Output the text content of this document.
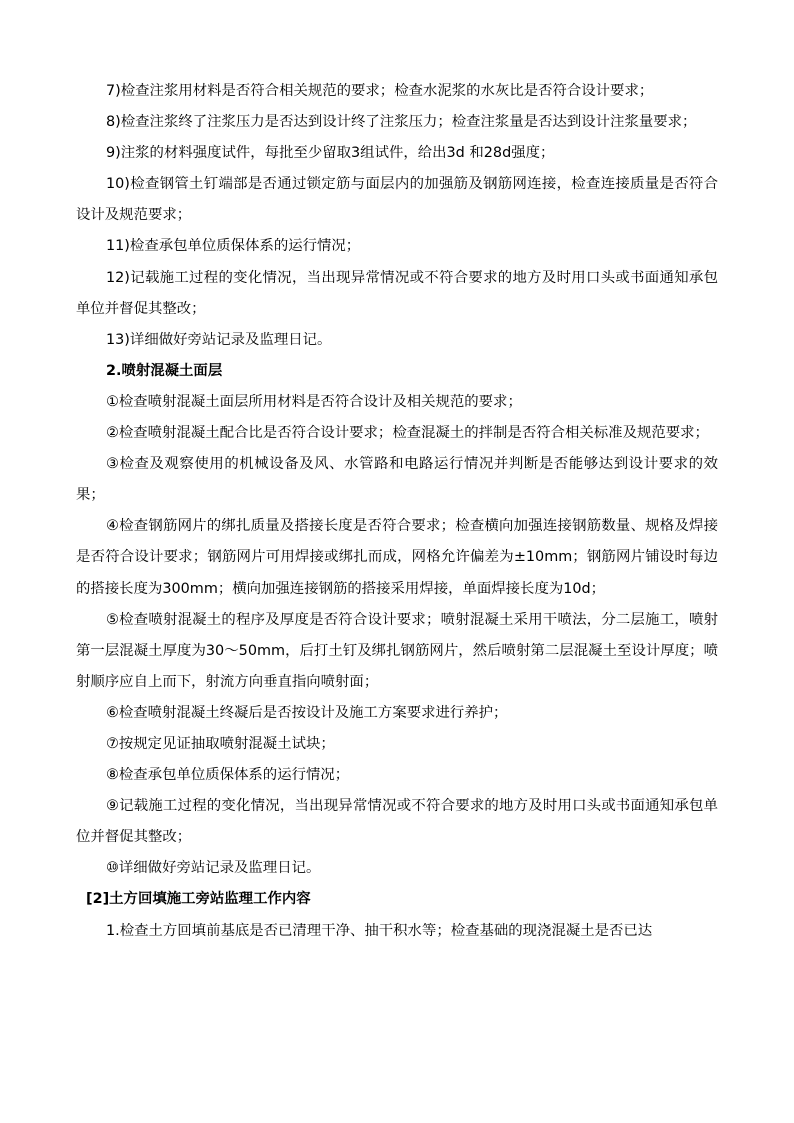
7)检查注浆用材料是否符合相关规范的要求；检查水泥浆的水灰比是否符合设计要求；

8)检查注浆终了注浆压力是否达到设计终了注浆压力；检查注浆量是否达到设计注浆量要求；

9)注浆的材料强度试件，每批至少留取3组试件，给出3d 和28d强度；

10)检查钢管土钉端部是否通过锁定筋与面层内的加强筋及钢筋网连接，检查连接质量是否符合设计及规范要求；

11)检查承包单位质保体系的运行情况；

12)记载施工过程的变化情况，当出现异常情况或不符合要求的地方及时用口头或书面通知承包单位并督促其整改；

13)详细做好旁站记录及监理日记。

2.喷射混凝土面层

①检查喷射混凝土面层所用材料是否符合设计及相关规范的要求；

②检查喷射混凝土配合比是否符合设计要求；检查混凝土的拌制是否符合相关标准及规范要求；

③检查及观察使用的机械设备及风、水管路和电路运行情况并判断是否能够达到设计要求的效果；

④检查钢筋网片的绑扎质量及搭接长度是否符合要求；检查横向加强连接钢筋数量、规格及焊接是否符合设计要求；钢筋网片可用焊接或绑扎而成，网格允许偏差为±10mm；钢筋网片铺设时每边的搭接长度为300mm；横向加强连接钢筋的搭接采用焊接，单面焊接长度为10d；

⑤检查喷射混凝土的程序及厚度是否符合设计要求；喷射混凝土采用干喷法，分二层施工，喷射第一层混凝土厚度为30～50mm，后打土钉及绑扎钢筋网片，然后喷射第二层混凝土至设计厚度；喷射顺序应自上而下，射流方向垂直指向喷射面；

⑥检查喷射混凝土终凝后是否按设计及施工方案要求进行养护；

⑦按规定见证抽取喷射混凝土试块；

⑧检查承包单位质保体系的运行情况；

⑨记载施工过程的变化情况，当出现异常情况或不符合要求的地方及时用口头或书面通知承包单位并督促其整改；

⑩详细做好旁站记录及监理日记。

[2]土方回填施工旁站监理工作内容

1.检查土方回填前基底是否已清理干净、抽干积水等；检查基础的现浇混凝土是否已达
